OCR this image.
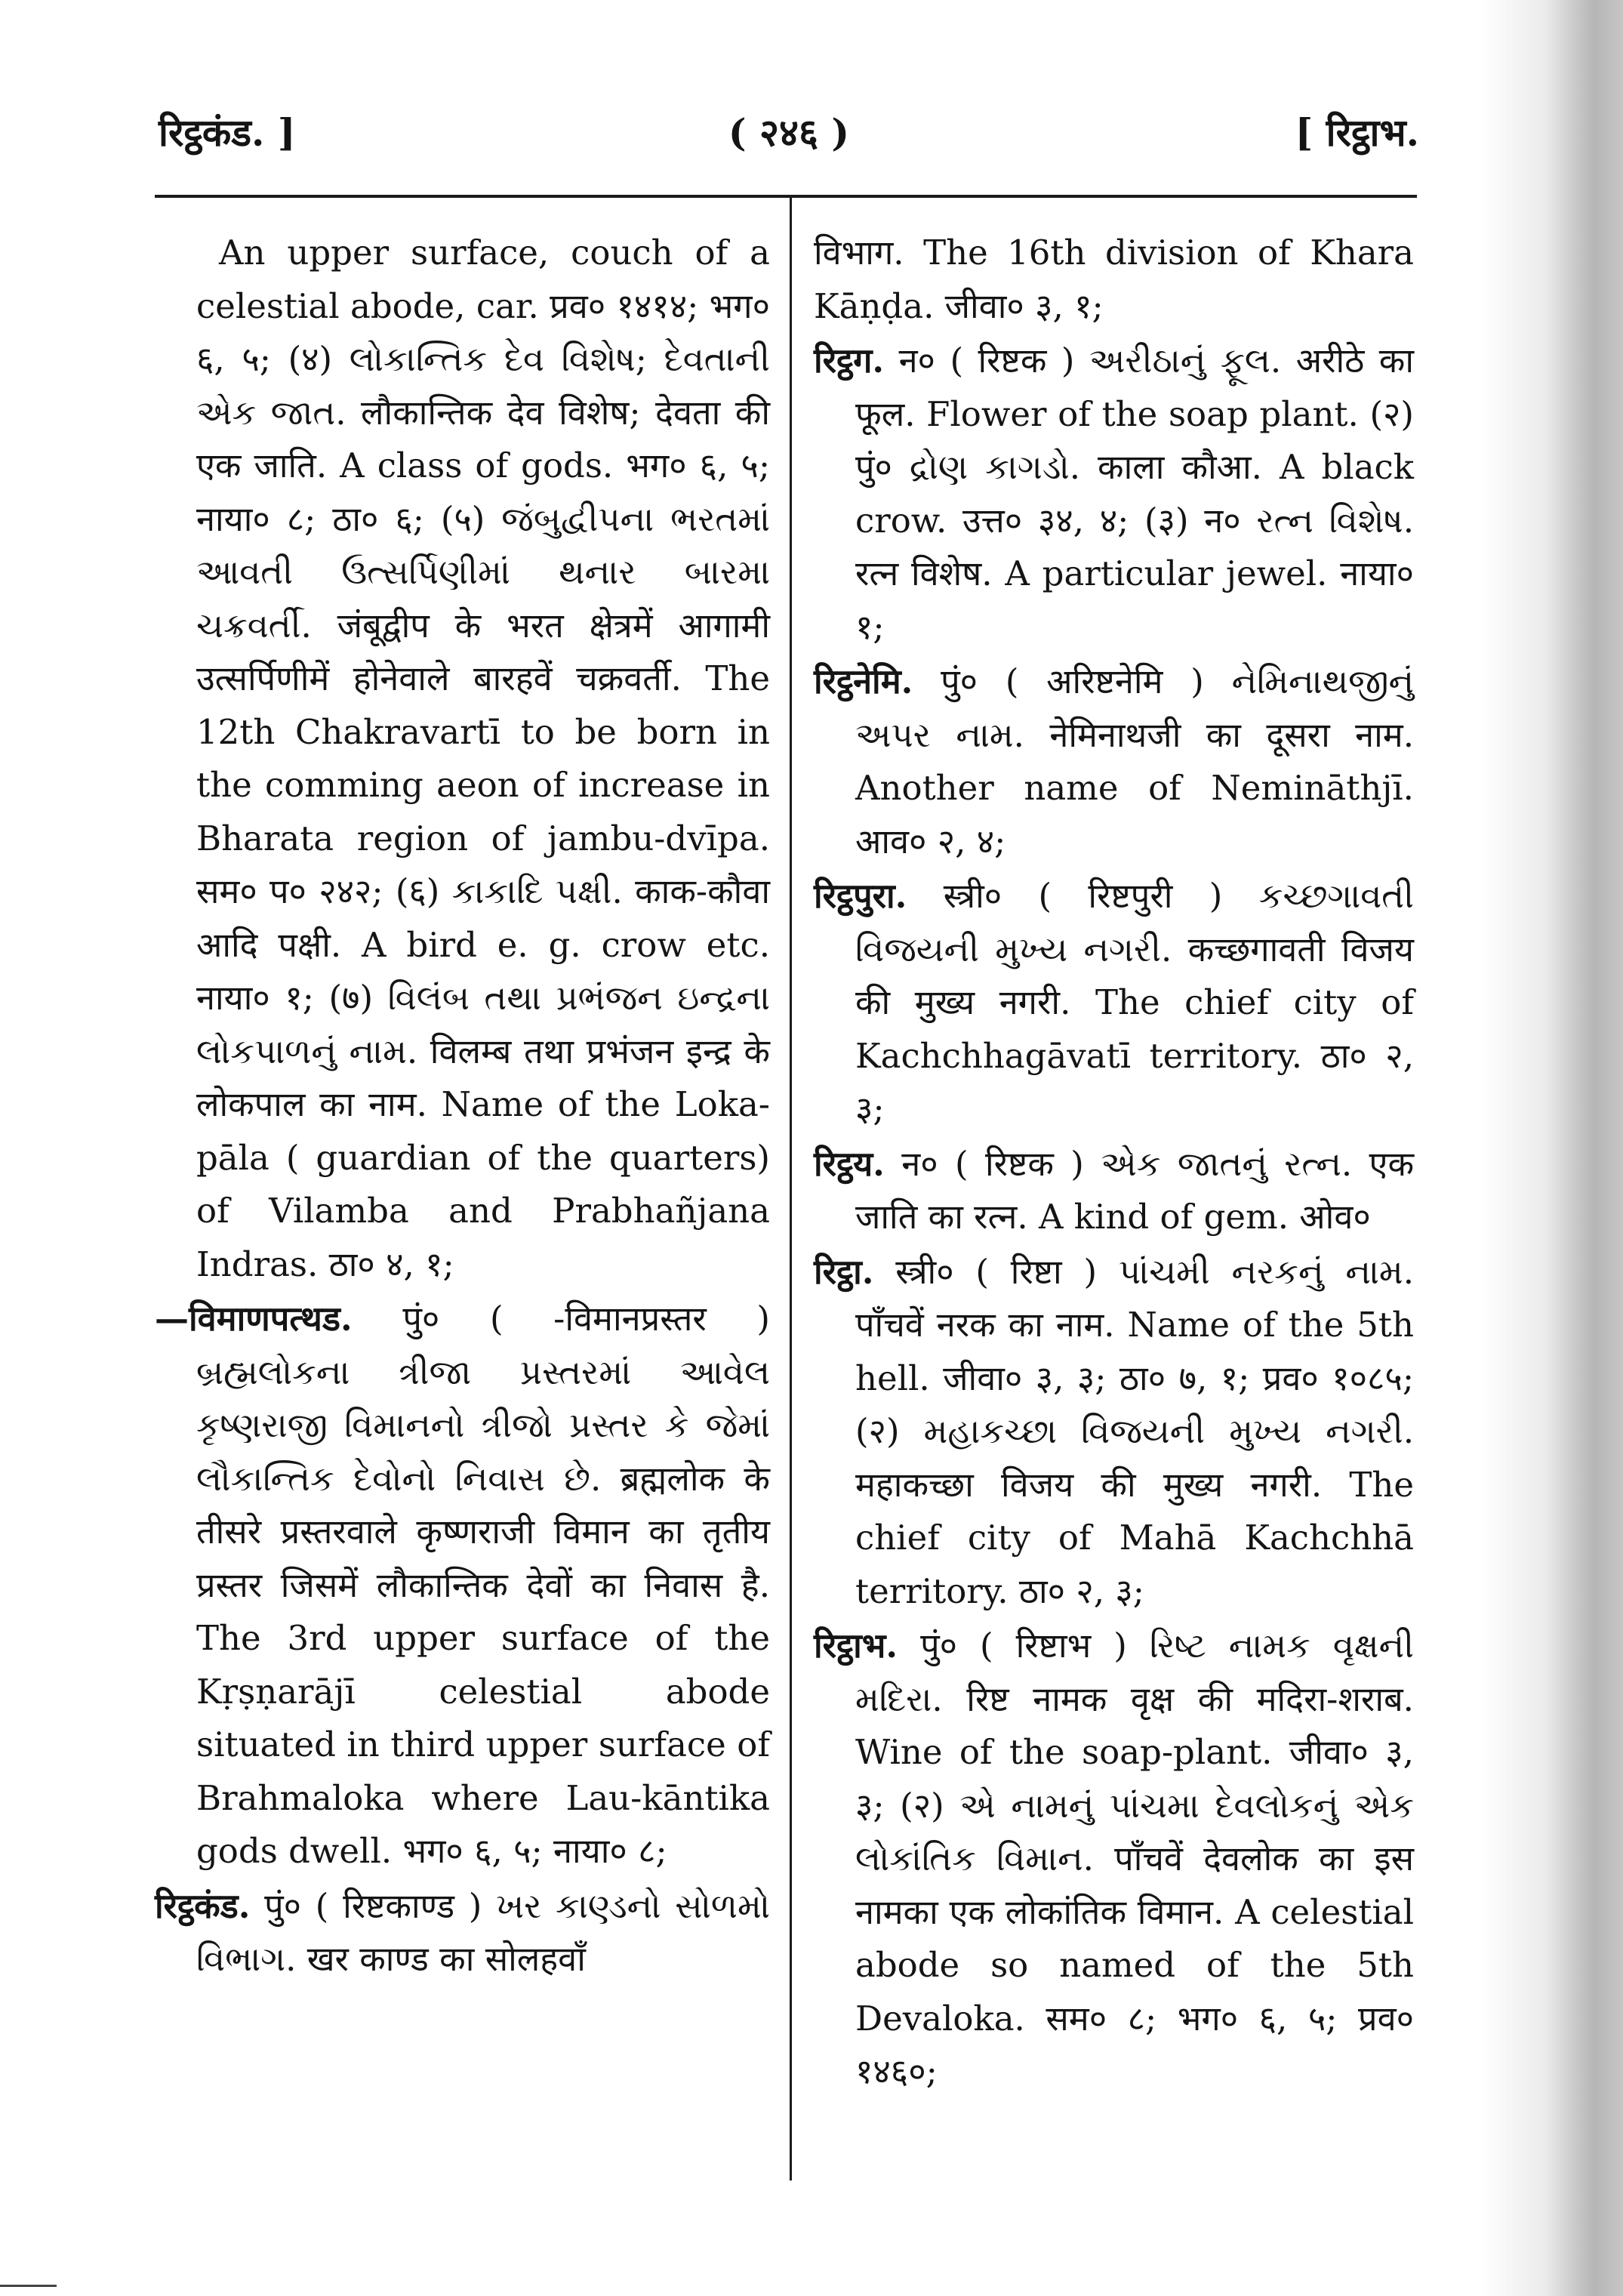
रिट्ठकंड. ]	( २४६ )	[ रिट्ठाभ.

An upper surface, couch of a celestial abode, car. प्रव० १४१४; भग० ६, ५; (४) લોકાન્તિક દેવ વિશેષ; દેવતાની એક જાત. लौकान्तिक देव विशेष; देवता की एक जाति. A class of gods. भग० ६, ५; नाया० ८; ठा० ६; (५) જંબુદ્વીપના ભરતમાં આવતી ઉત્સર્પિણીમાં થનાર બારમા ચક્રવર્તી. जंबूद्वीप के भरत क्षेत्रमें आगामी उत्सर्पिणीमें होनेवाले बारहवें चक्रवर्ती. The 12th Chakravartī to be born in the comming aeon of increase in Bharata region of jambu-dvīpa. सम० प० २४२; (६) કાકાદિ પક્ષી. काक-कौवा आदि पक्षी. A bird e. g. crow etc. नाया० १; (७) વિલંબ તથા પ્રભંજન ઇન્દ્રના લોકપાળનું નામ. विलम्ब तथा प्रभंजन इन्द्र के लोकपाल का नाम. Name of the Loka-pāla ( guardian of the quarters) of Vilamba and Prabhañjana Indras. ठा० ४, १;

—विमाणपत्थड. पुं० ( -विमानप्रस्तर ) બ્રહ્મલોકના ત્રીજા પ્રસ્તરમાં આવેલ કૃષ્ણરાજી વિમાનનો ત્રીજો પ્રસ્તર કે જેમાં લૌકાન્તિક દેવોનો નિવાસ છે. ब्रह्मलोक के तीसरे प्रस्तरवाले कृष्णराजी विमान का तृतीय प्रस्तर जिसमें लौकान्तिक देवों का निवास है. The 3rd upper surface of the Kṛṣṇarājī celestial abode situated in third upper surface of Brahmaloka where Lau-kāntika gods dwell. भग० ६, ५; नाया० ८;

रिट्ठकंड. पुं० ( रिष्टकाण्ड ) ખર કાણ્ડનો સોળમો વિભાગ. खर काण्ड का सोलहवाँ

विभाग. The 16th division of Khara Kāṇḍa. जीवा० ३, १;

रिट्ठग. न० ( रिष्टक ) અરીઠાનું ફૂલ. अरीठे का फूल. Flower of the soap plant. (२) पुं० દ્રોણ કાગડો. काला कौआ. A black crow. उत्त० ३४, ४; (३) न० રત્ન વિશેષ. रत्न विशेष. A particular jewel. नाया० १;

रिट्ठनेमि. पुं० ( अरिष्टनेमि ) નેમિનાથજીનું અપર નામ. नेमिनाथजी का दूसरा नाम. Another name of Nemināthjī. आव० २, ४;

रिट्ठपुरा. स्त्री० ( रिष्टपुरी ) કચ્છગાવતી વિજયની મુખ્ય નગરી. कच्छगावती विजय की मुख्य नगरी. The chief city of Kachchhagāvatī territory. ठा० २, ३;

रिट्ठय. न० ( रिष्टक ) એક જાતનું રત્ન. एक जाति का रत्न. A kind of gem. ओव०

रिट्ठा. स्त्री० ( रिष्टा ) પાંચમી નરકનું નામ. पाँचवें नरक का नाम. Name of the 5th hell. जीवा० ३, ३; ठा० ७, १; प्रव० १०८५; (२) મહાકચ્છા વિજયની મુખ્ય નગરી. महाकच्छा विजय की मुख्य नगरी. The chief city of Mahā Kachchhā territory. ठा० २, ३;

रिट्ठाभ. पुं० ( रिष्टाभ ) રિષ્ટ નામક વૃક્ષની મદિરા. रिष्ट नामक वृक्ष की मदिरा-शराब. Wine of the soap-plant. जीवा० ३, ३; (२) એ નામનું પાંચમા દેવલોકનું એક લોકાંતિક વિમાન. पाँचवें देवलोक का इस नामका एक लोकांतिक विमान. A celestial abode so named of the 5th Devaloka. सम० ८; भग० ६, ५; प्रव० १४६०;
